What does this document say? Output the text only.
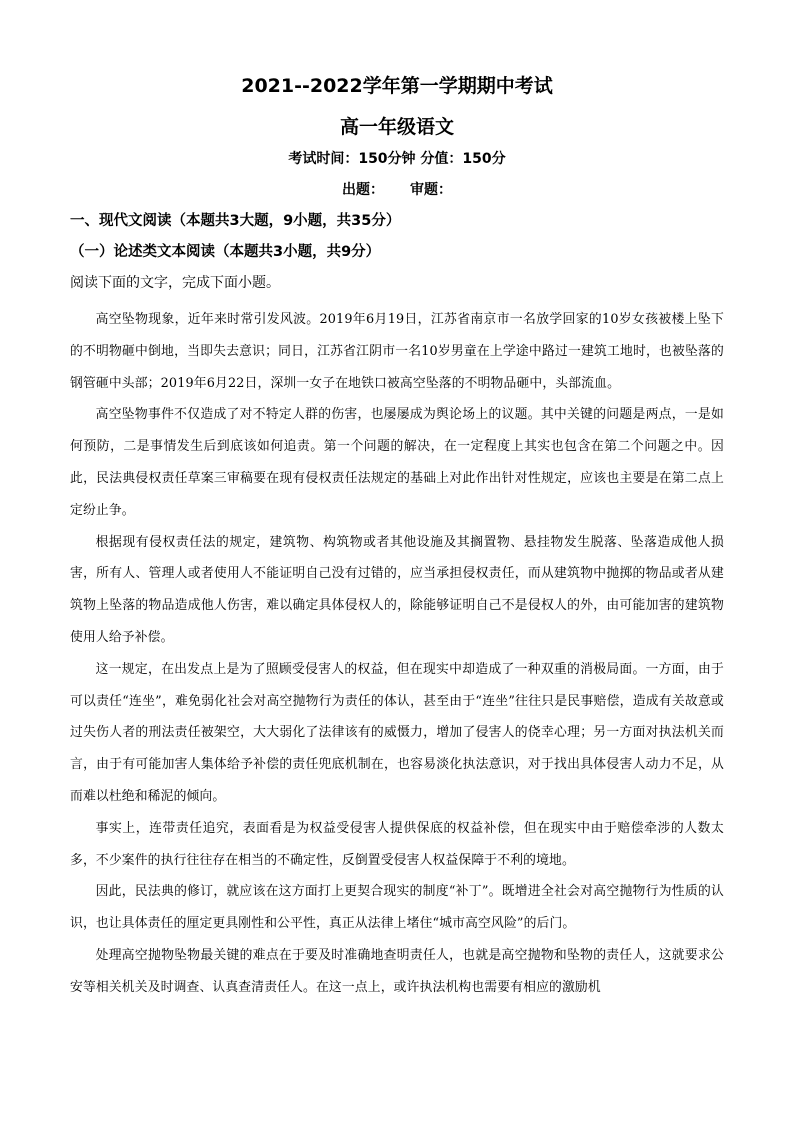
2021--2022学年第一学期期中考试
高一年级语文
考试时间：150分钟 分值：150分
出题： 审题：
一、现代文阅读（本题共3大题，9小题，共35分）
（一）论述类文本阅读（本题共3小题，共9分）
阅读下面的文字，完成下面小题。

高空坠物现象，近年来时常引发风波。2019年6月19日，江苏省南京市一名放学回家的10岁女孩被楼上坠下的不明物砸中倒地，当即失去意识；同日，江苏省江阴市一名10岁男童在上学途中路过一建筑工地时，也被坠落的钢管砸中头部；2019年6月22日，深圳一女子在地铁口被高空坠落的不明物品砸中，头部流血。

高空坠物事件不仅造成了对不特定人群的伤害，也屡屡成为舆论场上的议题。其中关键的问题是两点，一是如何预防，二是事情发生后到底该如何追责。第一个问题的解决，在一定程度上其实也包含在第二个问题之中。因此，民法典侵权责任草案三审稿要在现有侵权责任法规定的基础上对此作出针对性规定，应该也主要是在第二点上定纷止争。

根据现有侵权责任法的规定，建筑物、构筑物或者其他设施及其搁置物、悬挂物发生脱落、坠落造成他人损害，所有人、管理人或者使用人不能证明自己没有过错的，应当承担侵权责任，而从建筑物中抛掷的物品或者从建筑物上坠落的物品造成他人伤害，难以确定具体侵权人的，除能够证明自己不是侵权人的外，由可能加害的建筑物使用人给予补偿。

这一规定，在出发点上是为了照顾受侵害人的权益，但在现实中却造成了一种双重的消极局面。一方面，由于可以责任“连坐”，难免弱化社会对高空抛物行为责任的体认，甚至由于“连坐”往往只是民事赔偿，造成有关故意或过失伤人者的刑法责任被架空，大大弱化了法律该有的威慑力，增加了侵害人的侥幸心理；另一方面对执法机关而言，由于有可能加害人集体给予补偿的责任兜底机制在，也容易淡化执法意识，对于找出具体侵害人动力不足，从而难以杜绝和稀泥的倾向。

事实上，连带责任追究，表面看是为权益受侵害人提供保底的权益补偿，但在现实中由于赔偿牵涉的人数太多，不少案件的执行往往存在相当的不确定性，反倒置受侵害人权益保障于不利的境地。

因此，民法典的修订，就应该在这方面打上更契合现实的制度“补丁”。既增进全社会对高空抛物行为性质的认识，也让具体责任的厘定更具刚性和公平性，真正从法律上堵住“城市高空风险”的后门。

处理高空抛物坠物最关键的难点在于要及时准确地查明责任人，也就是高空抛物和坠物的责任人，这就要求公安等相关机关及时调查、认真查清责任人。在这一点上，或许执法机构也需要有相应的激励机
